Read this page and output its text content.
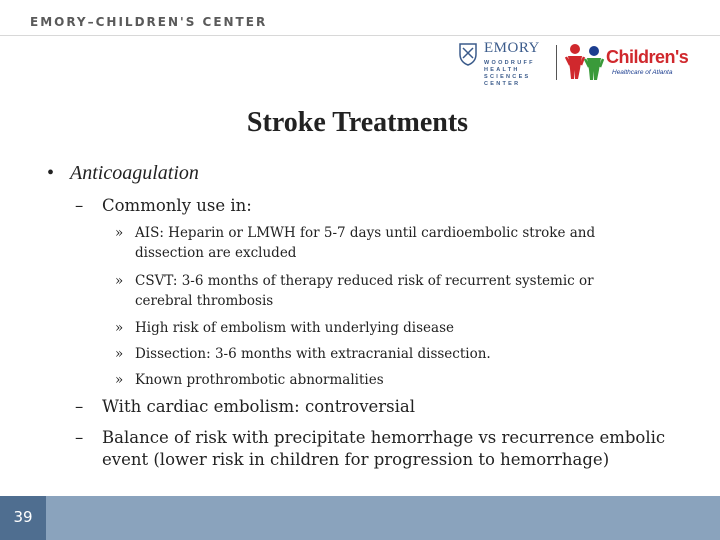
EMORY–CHILDREN'S CENTER
EMORY
WOODRUFF
HEALTH
SCIENCES
CENTER
Children's
Healthcare of Atlanta
Stroke Treatments
• Anticoagulation
– Commonly use in:
» AIS: Heparin or LMWH for 5-7 days until cardioembolic stroke and
dissection are excluded
» CSVT: 3-6 months of therapy reduced risk of recurrent systemic or
cerebral thrombosis
» High risk of embolism with underlying disease
» Dissection: 3-6 months with extracranial dissection.
» Known prothrombotic abnormalities
– With cardiac embolism: controversial
– Balance of risk with precipitate hemorrhage vs recurrence embolic
event (lower risk in children for progression to hemorrhage)
39
